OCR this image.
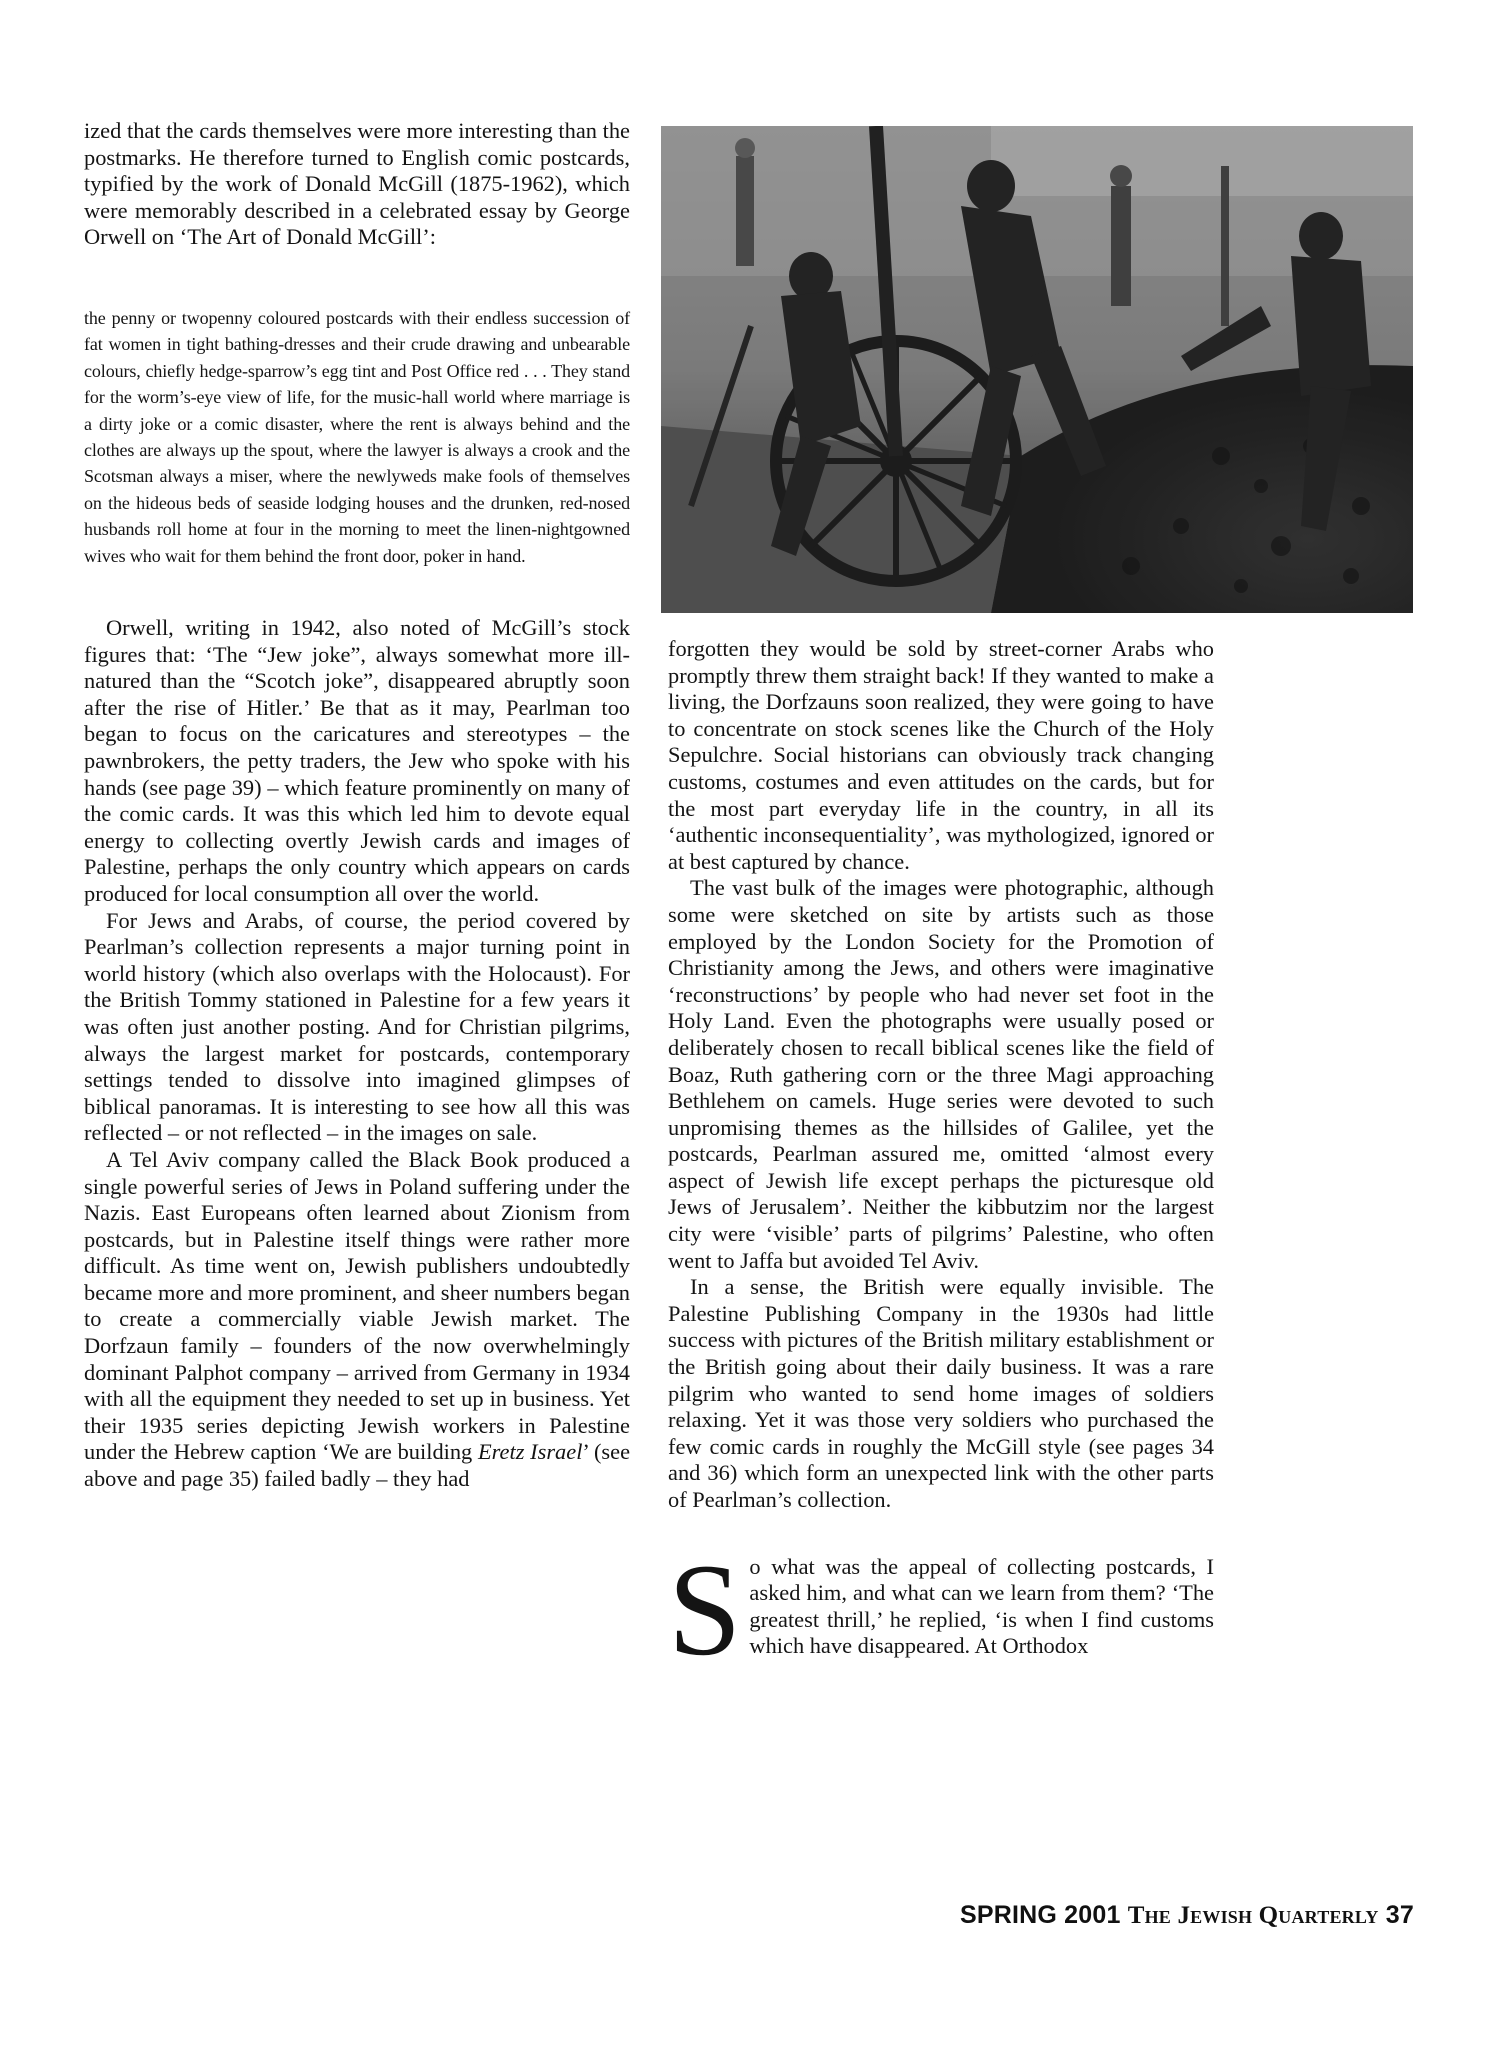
ized that the cards themselves were more interesting than the postmarks. He therefore turned to English comic postcards, typified by the work of Donald McGill (1875-1962), which were memorably described in a celebrated essay by George Orwell on ‘The Art of Donald McGill’:

the penny or twopenny coloured postcards with their endless succession of fat women in tight bathing-dresses and their crude drawing and unbearable colours, chiefly hedge-sparrow’s egg tint and Post Office red . . . They stand for the worm’s-eye view of life, for the music-hall world where marriage is a dirty joke or a comic disaster, where the rent is always behind and the clothes are always up the spout, where the lawyer is always a crook and the Scotsman always a miser, where the newlyweds make fools of themselves on the hideous beds of seaside lodging houses and the drunken, red-nosed husbands roll home at four in the morning to meet the linen-nightgowned wives who wait for them behind the front door, poker in hand.

Orwell, writing in 1942, also noted of McGill’s stock figures that: ‘The “Jew joke”, always somewhat more ill-natured than the “Scotch joke”, disappeared abruptly soon after the rise of Hitler.’ Be that as it may, Pearlman too began to focus on the caricatures and stereotypes – the pawnbrokers, the petty traders, the Jew who spoke with his hands (see page 39) – which feature prominently on many of the comic cards. It was this which led him to devote equal energy to collecting overtly Jewish cards and images of Palestine, perhaps the only country which appears on cards produced for local consumption all over the world.

For Jews and Arabs, of course, the period covered by Pearlman’s collection represents a major turning point in world history (which also overlaps with the Holocaust). For the British Tommy stationed in Palestine for a few years it was often just another posting. And for Christian pilgrims, always the largest market for postcards, contemporary settings tended to dissolve into imagined glimpses of biblical panoramas. It is interesting to see how all this was reflected – or not reflected – in the images on sale.

A Tel Aviv company called the Black Book produced a single powerful series of Jews in Poland suffering under the Nazis. East Europeans often learned about Zionism from postcards, but in Palestine itself things were rather more difficult. As time went on, Jewish publishers undoubtedly became more and more prominent, and sheer numbers began to create a commercially viable Jewish market. The Dorfzaun family – founders of the now overwhelmingly dominant Palphot company – arrived from Germany in 1934 with all the equipment they needed to set up in business. Yet their 1935 series depicting Jewish workers in Palestine under the Hebrew caption ‘We are building Eretz Israel’ (see above and page 35) failed badly – they had

forgotten they would be sold by street-corner Arabs who promptly threw them straight back! If they wanted to make a living, the Dorfzauns soon realized, they were going to have to concentrate on stock scenes like the Church of the Holy Sepulchre. Social historians can obviously track changing customs, costumes and even attitudes on the cards, but for the most part everyday life in the country, in all its ‘authentic inconsequentiality’, was mythologized, ignored or at best captured by chance.

The vast bulk of the images were photographic, although some were sketched on site by artists such as those employed by the London Society for the Promotion of Christianity among the Jews, and others were imaginative ‘reconstructions’ by people who had never set foot in the Holy Land. Even the photographs were usually posed or deliberately chosen to recall biblical scenes like the field of Boaz, Ruth gathering corn or the three Magi approaching Bethlehem on camels. Huge series were devoted to such unpromising themes as the hillsides of Galilee, yet the postcards, Pearlman assured me, omitted ‘almost every aspect of Jewish life except perhaps the picturesque old Jews of Jerusalem’. Neither the kibbutzim nor the largest city were ‘visible’ parts of pilgrims’ Palestine, who often went to Jaffa but avoided Tel Aviv.

In a sense, the British were equally invisible. The Palestine Publishing Company in the 1930s had little success with pictures of the British military establishment or the British going about their daily business. It was a rare pilgrim who wanted to send home images of soldiers relaxing. Yet it was those very soldiers who purchased the few comic cards in roughly the McGill style (see pages 34 and 36) which form an unexpected link with the other parts of Pearlman’s collection.

So what was the appeal of collecting postcards, I asked him, and what can we learn from them? ‘The greatest thrill,’ he replied, ‘is when I find customs which have disappeared. At Orthodox

SPRING 2001 The Jewish Quarterly 37
